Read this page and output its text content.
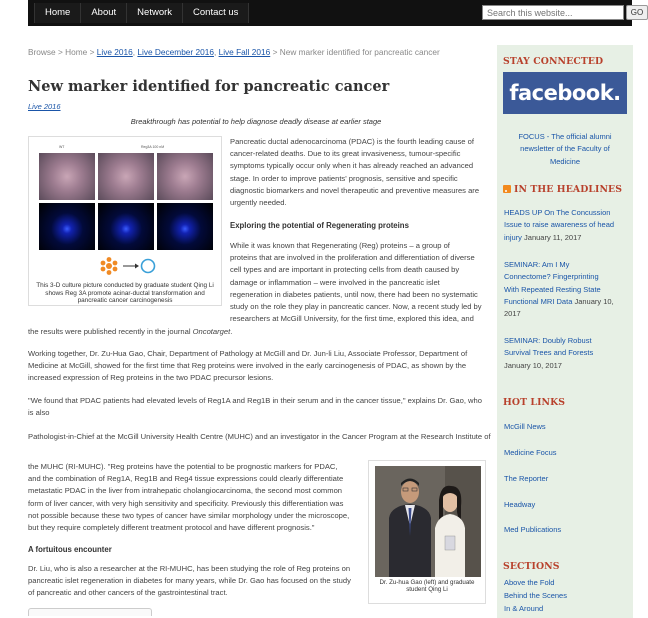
Home	About	Network	Contact us
Search this website...	GO
Browse > Home > Live 2016, Live December 2016, Live Fall 2016 > New marker identified for pancreatic cancer
New marker identified for pancreatic cancer
Live 2016
Breakthrough has potential to help diagnose deadly disease at earlier stage
WT	Reg3A 100 nM
This 3-D culture picture conducted by graduate student Qing Li shows Reg 3A promote acinar-ductal transformation and pancreatic cancer carcinogenesis
Pancreatic ductal adenocarcinoma (PDAC) is the fourth leading cause of
cancer-related deaths. Due to its great invasiveness, tumour-specific
symptoms typically occur only when it has already reached an advanced
stage. In order to improve patients' prognosis, sensitive and specific
diagnostic biomarkers and novel therapeutic and preventive measures are
urgently needed.
Exploring the potential of Regenerating proteins
While it was known that Regenerating (Reg) proteins – a group of
proteins that are involved in the proliferation and differentiation of diverse
cell types and are important in protecting cells from death caused by
damage or inflammation – were involved in the pancreatic islet
regeneration in diabetes patients, until now, there had been no systematic
study on the role they play in pancreatic cancer. Now, a recent study led by
researchers at McGill University, for the first time, explored this idea, and
the results were published recently in the journal Oncotarget.
Working together, Dr. Zu-Hua Gao, Chair, Department of Pathology at McGill and Dr. Jun-li Liu, Associate Professor, Department of
Medicine at McGill, showed for the first time that Reg proteins were involved in the early carcinogenesis of PDAC, as shown by the
increased expression of Reg proteins in the two PDAC precursor lesions.
"We found that PDAC patients had elevated levels of Reg1A and Reg1B in their serum and in the cancer tissue," explains Dr. Gao, who
is also
Pathologist-in-Chief at the McGill University Health Centre (MUHC) and an investigator in the Cancer Program at the Research Institute of
the MUHC (RI-MUHC). "Reg proteins have the potential to be prognostic markers for PDAC,
and the combination of Reg1A, Reg1B and Reg4 tissue expressions could clearly differentiate
metastatic PDAC in the liver from intrahepatic cholangiocarcinoma, the second most common
form of liver cancer, with very high sensitivity and specificity. Previously this differentiation was
not possible because these two types of cancer have similar morphology under the microscope,
but they require completely different treatment protocol and have different prognosis."
A fortuitous encounter
Dr. Liu, who is also a researcher at the RI-MUHC, has been studying the role of Reg proteins on
pancreatic islet regeneration in diabetes for many years, while Dr. Gao has focused on the study
of pancreatic and other cancers of the gastrointestinal tract.
Dr. Zu-hua Gao (left) and graduate student Qing Li
STAY CONNECTED
facebook.
FOCUS - The official alumni
newsletter of the Faculty of
Medicine
IN THE HEADLINES
HEADS UP On The Concussion
Issue to raise awareness of head
injury January 11, 2017
SEMINAR: Am I My
Connectome? Fingerprinting
With Repeated Resting State
Functional MRI Data January 10,
2017
SEMINAR: Doubly Robust
Survival Trees and Forests
January 10, 2017
HOT LINKS
McGill News
Medicine Focus
The Reporter
Headway
Med Publications
SECTIONS
Above the Fold
Behind the Scenes
In & Around
